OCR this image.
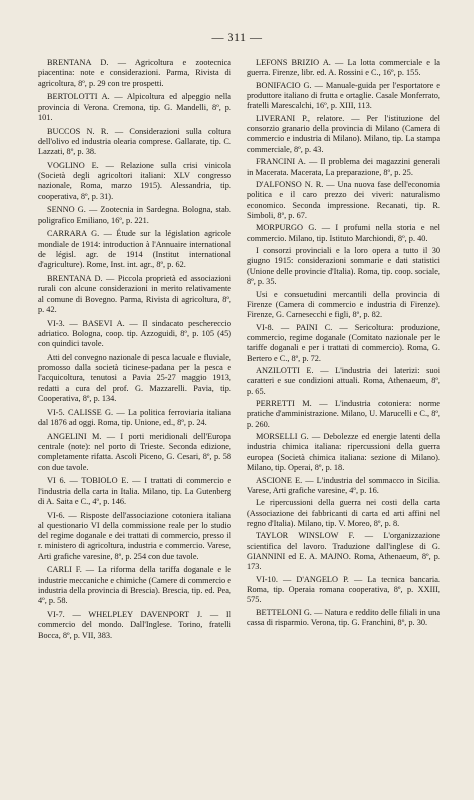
— 311 —

BRENTANA D. — Agricoltura e zootecnica piacentina: note e considerazioni. Parma, Rivista di agricoltura, 8º, p. 29 con tre prospetti.

BERTOLOTTI A. — Alpicoltura ed alpeggio nella provincia di Verona. Cremona, tip. G. Mandelli, 8º, p. 101.

BUCCOS N. R. — Considerazioni sulla coltura dell'olivo ed industria olearia comprese. Gallarate, tip. C. Lazzati, 8º, p. 38.

VOGLINO E. — Relazione sulla crisi vinicola (Società degli agricoltori italiani: XLV congresso nazionale, Roma, marzo 1915). Alessandria, tip. cooperativa, 8º, p. 31).

SENNO G. — Zootecnia in Sardegna. Bologna, stab. poligrafico Emiliano, 16º, p. 221.

CARRARA G. — Étude sur la législation agricole mondiale de 1914: introduction à l'Annuaire international de législ. agr. de 1914 (Institut international d'agriculture). Rome, Inst. int. agr., 8º, p. 62.

BRENTANA D. — Piccola proprietà ed associazioni rurali con alcune considerazioni in merito relativamente al comune di Bovegno. Parma, Rivista di agricoltura, 8º, p. 42.

VI-3. — BASEVI A. — Il sindacato peschereccio adriatico. Bologna, coop. tip. Azzoguidi, 8º, p. 105 (45) con quindici tavole.

Atti del convegno nazionale di pesca lacuale e fluviale, promosso dalla società ticinese-padana per la pesca e l'acquicoltura, tenutosi a Pavia 25-27 maggio 1913, redatti a cura del prof. G. Mazzarelli. Pavia, tip. Cooperativa, 8º, p. 134.

VI-5. CALISSE G. — La politica ferroviaria italiana dal 1876 ad oggi. Roma, tip. Unione, ed., 8º, p. 24.

ANGELINI M. — I porti meridionali dell'Europa centrale (note): nel porto di Trieste. Seconda edizione, completamente rifatta. Ascoli Piceno, G. Cesari, 8º, p. 58 con due tavole.

VI 6. — TOBIOLO E. — I trattati di commercio e l'industria della carta in Italia. Milano, tip. La Gutenberg di A. Saita e C., 4º, p. 146.

VI-6. — Risposte dell'associazione cotoniera italiana al questionario VI della commissione reale per lo studio del regime doganale e dei trattati di commercio, presso il r. ministero di agricoltura, industria e commercio. Varese, Arti grafiche varesine, 8º, p. 254 con due tavole.

CARLI F. — La riforma della tariffa doganale e le industrie meccaniche e chimiche (Camere di commercio e industria della provincia di Brescia). Brescia, tip. ed. Pea, 4º, p. 58.

VI-7. — WHELPLEY DAVENPORT J. — Il commercio del mondo. Dall'Inglese. Torino, fratelli Bocca, 8º, p. VII, 383.

LEFONS BRIZIO A. — La lotta commerciale e la guerra. Firenze, libr. ed. A. Rossini e C., 16º, p. 155.

BONIFACIO G. — Manuale-guida per l'esportatore e produttore italiano di frutta e ortaglie. Casale Monferrato, fratelli Marescalchi, 16º, p. XIII, 113.

LIVERANI P., relatore. — Per l'istituzione del consorzio granario della provincia di Milano (Camera di commercio e industria di Milano). Milano, tip. La stampa commerciale, 8º, p. 43.

FRANCINI A. — Il problema dei magazzini generali in Macerata. Macerata, La preparazione, 8º, p. 25.

D'ALFONSO N. R. — Una nuova fase dell'economia politica e il caro prezzo dei viveri: naturalismo economico. Seconda impressione. Recanati, tip. R. Simboli, 8º, p. 67.

MORPURGO G. — I profumi nella storia e nel commercio. Milano, tip. Istituto Marchiondi, 8º, p. 40.

I consorzi provinciali e la loro opera a tutto il 30 giugno 1915: considerazioni sommarie e dati statistici (Unione delle provincie d'Italia). Roma, tip. coop. sociale, 8º, p. 35.

Usi e consuetudini mercantili della provincia di Firenze (Camera di commercio e industria di Firenze). Firenze, G. Carnesecchi e figli, 8º, p. 82.

VI-8. — PAINI C. — Sericoltura: produzione, commercio, regime doganale (Comitato nazionale per le tariffe doganali e per i trattati di commercio). Roma, G. Bertero e C., 8º, p. 72.

ANZILOTTI E. — L'industria dei laterizi: suoi caratteri e sue condizioni attuali. Roma, Athenaeum, 8º, p. 65.

PERRETTI M. — L'industria cotoniera: norme pratiche d'amministrazione. Milano, U. Marucelli e C., 8º, p. 260.

MORSELLI G. — Debolezze ed energie latenti della industria chimica italiana: ripercussioni della guerra europea (Società chimica italiana: sezione di Milano). Milano, tip. Operai, 8º, p. 18.

ASCIONE E. — L'industria del sommacco in Sicilia. Varese, Arti grafiche varesine, 4º, p. 16.

Le ripercussioni della guerra nei costi della carta (Associazione dei fabbricanti di carta ed arti affini nel regno d'Italia). Milano, tip. V. Moreo, 8º, p. 8.

TAYLOR WINSLOW F. — L'organizzazione scientifica del lavoro. Traduzione dall'inglese di G. GIANNINI ed E. A. MAJNO. Roma, Athenaeum, 8º, p. 173.

VI-10. — D'ANGELO P. — La tecnica bancaria. Roma, tip. Operaia romana cooperativa, 8º, p. XXIII, 575.

BETTELONI G. — Natura e reddito delle filiali in una cassa di risparmio. Verona, tip. G. Franchini, 8º, p. 30.
